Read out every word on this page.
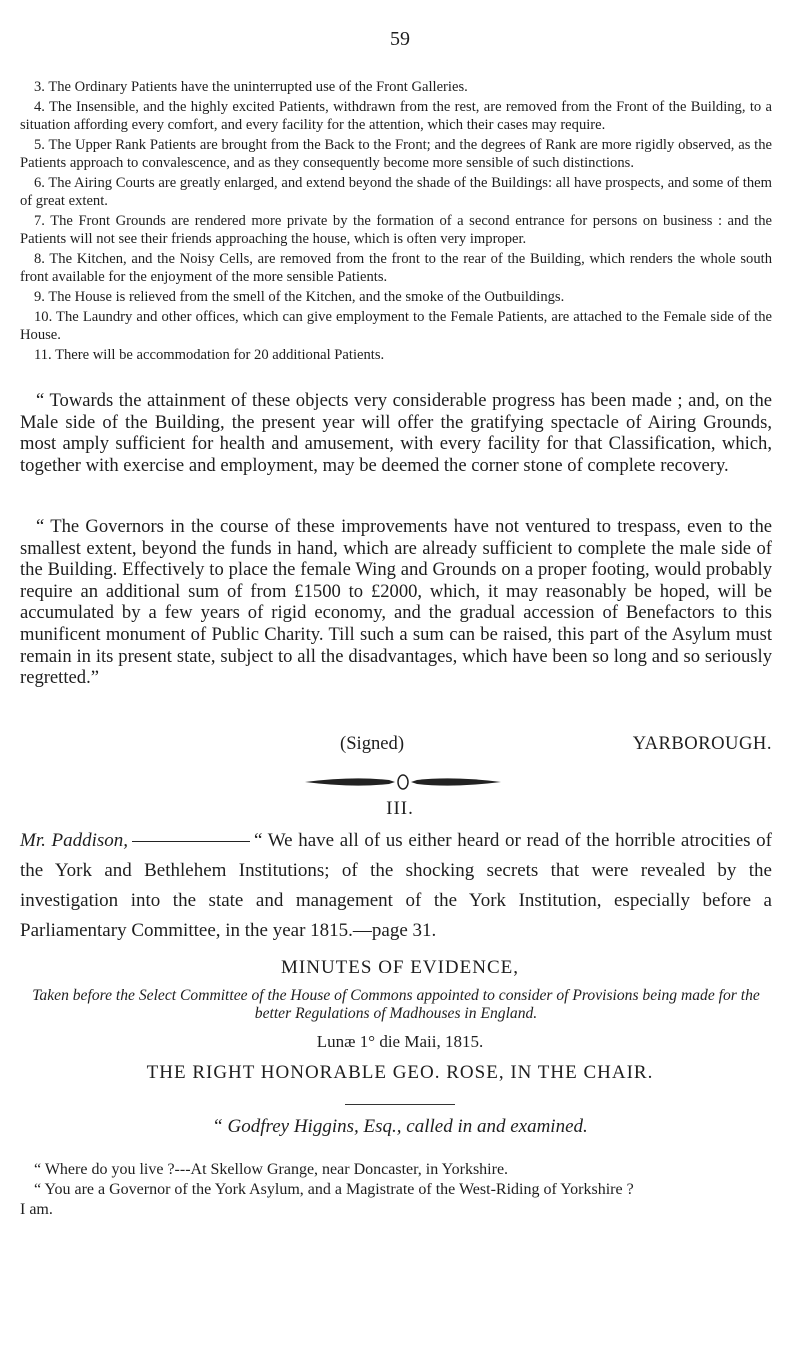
59

3. The Ordinary Patients have the uninterrupted use of the Front Galleries.

4. The Insensible, and the highly excited Patients, withdrawn from the rest, are removed from the Front of the Building, to a situation affording every comfort, and every facility for the attention, which their cases may require.

5. The Upper Rank Patients are brought from the Back to the Front; and the degrees of Rank are more rigidly observed, as the Patients approach to convalescence, and as they consequently become more sensible of such distinctions.

6. The Airing Courts are greatly enlarged, and extend beyond the shade of the Buildings: all have prospects, and some of them of great extent.

7. The Front Grounds are rendered more private by the formation of a second entrance for persons on business : and the Patients will not see their friends approaching the house, which is often very improper.

8. The Kitchen, and the Noisy Cells, are removed from the front to the rear of the Building, which renders the whole south front available for the enjoyment of the more sensible Patients.

9. The House is relieved from the smell of the Kitchen, and the smoke of the Outbuildings.

10. The Laundry and other offices, which can give employment to the Female Patients, are attached to the Female side of the House.

11. There will be accommodation for 20 additional Patients.

“ Towards the attainment of these objects very considerable progress has been made ; and, on the Male side of the Building, the present year will offer the gratifying spectacle of Airing Grounds, most amply sufficient for health and amusement, with every facility for that Classification, which, together with exercise and employment, may be deemed the corner stone of complete recovery.

“ The Governors in the course of these improvements have not ventured to trespass, even to the smallest extent, beyond the funds in hand, which are already sufficient to complete the male side of the Building. Effectively to place the female Wing and Grounds on a proper footing, would probably require an additional sum of from £1500 to £2000, which, it may reasonably be hoped, will be accumulated by a few years of rigid economy, and the gradual accession of Benefactors to this munificent monument of Public Charity. Till such a sum can be raised, this part of the Asylum must remain in its present state, subject to all the disadvantages, which have been so long and so seriously regretted.”

(Signed)	YARBOROUGH.
III.

Mr. Paddison,	“ We have all of us either heard or read of the horrible atrocities of the York and Bethlehem Institutions; of the shocking secrets that were revealed by the investigation into the state and management of the York Institution, especially before a Parliamentary Committee, in the year 1815.—page 31.

MINUTES OF EVIDENCE,

Taken before the Select Committee of the House of Commons appointed to consider of Provisions being made for the better Regulations of Madhouses in England.

Lunæ 1° die Maii, 1815.
THE RIGHT HONORABLE GEO. ROSE, IN THE CHAIR.
“ Godfrey Higgins, Esq., called in and examined.

“ Where do you live ?---At Skellow Grange, near Doncaster, in Yorkshire.

“ You are a Governor of the York Asylum, and a Magistrate of the West-Riding of Yorkshire ?

I am.
